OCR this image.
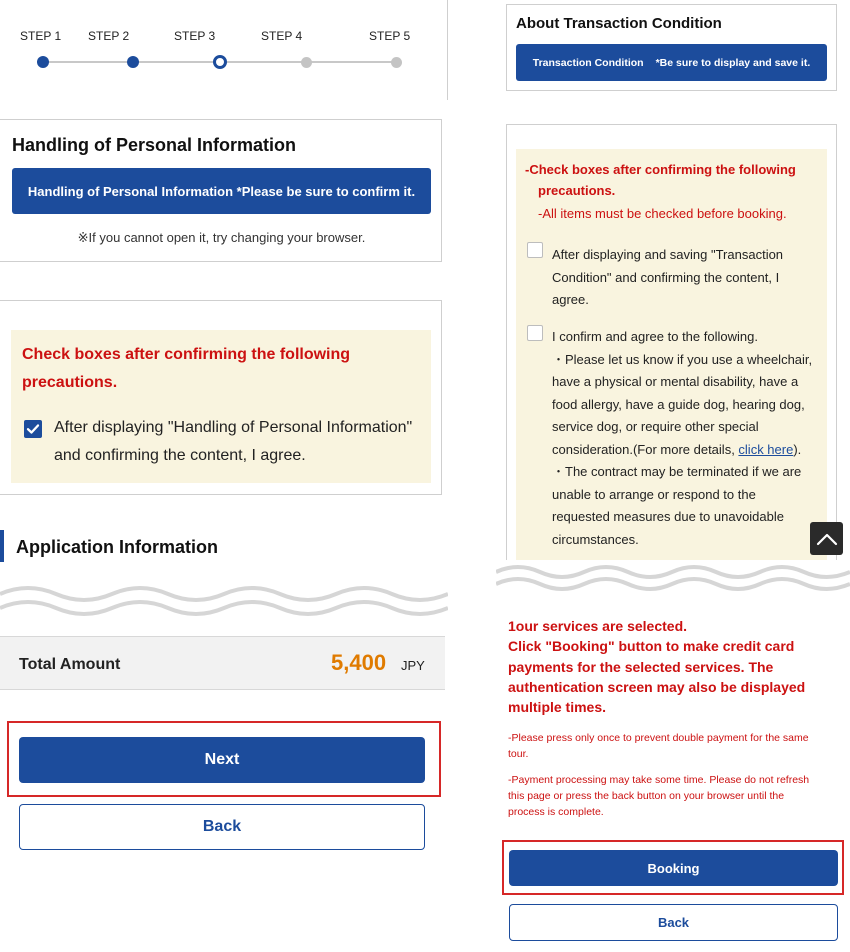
STEP 1 STEP 2	STEP 3	STEP 4	STEP 5
Handling of Personal Information
Handling of Personal Information *Please be sure to confirm it.
※If you cannot open it, try changing your browser.
Check boxes after confirming the following
precautions.
After displaying "Handling of Personal Information"
and confirming the content, I agree.
Application Information
Total Amount	5,400 JPY
Next
Back
About Transaction Condition
Transaction Condition *Be sure to display and save it.
-Check boxes after confirming the following
precautions.
-All items must be checked before booking.
After displaying and saving "Transaction
Condition" and confirming the content, I
agree.
I confirm and agree to the following.
・Please let us know if you use a wheelchair,
have a physical or mental disability, have a
food allergy, have a guide dog, hearing dog,
service dog, or require other special
consideration.(For more details, click here).
・The contract may be terminated if we are
unable to arrange or respond to the
requested measures due to unavoidable
circumstances.
1our services are selected.
Click "Booking" button to make credit card
payments for the selected services. The
authentication screen may also be displayed
multiple times.
-Please press only once to prevent double payment for the same
tour.
-Payment processing may take some time. Please do not refresh
this page or press the back button on your browser until the
process is complete.
Booking
Back
